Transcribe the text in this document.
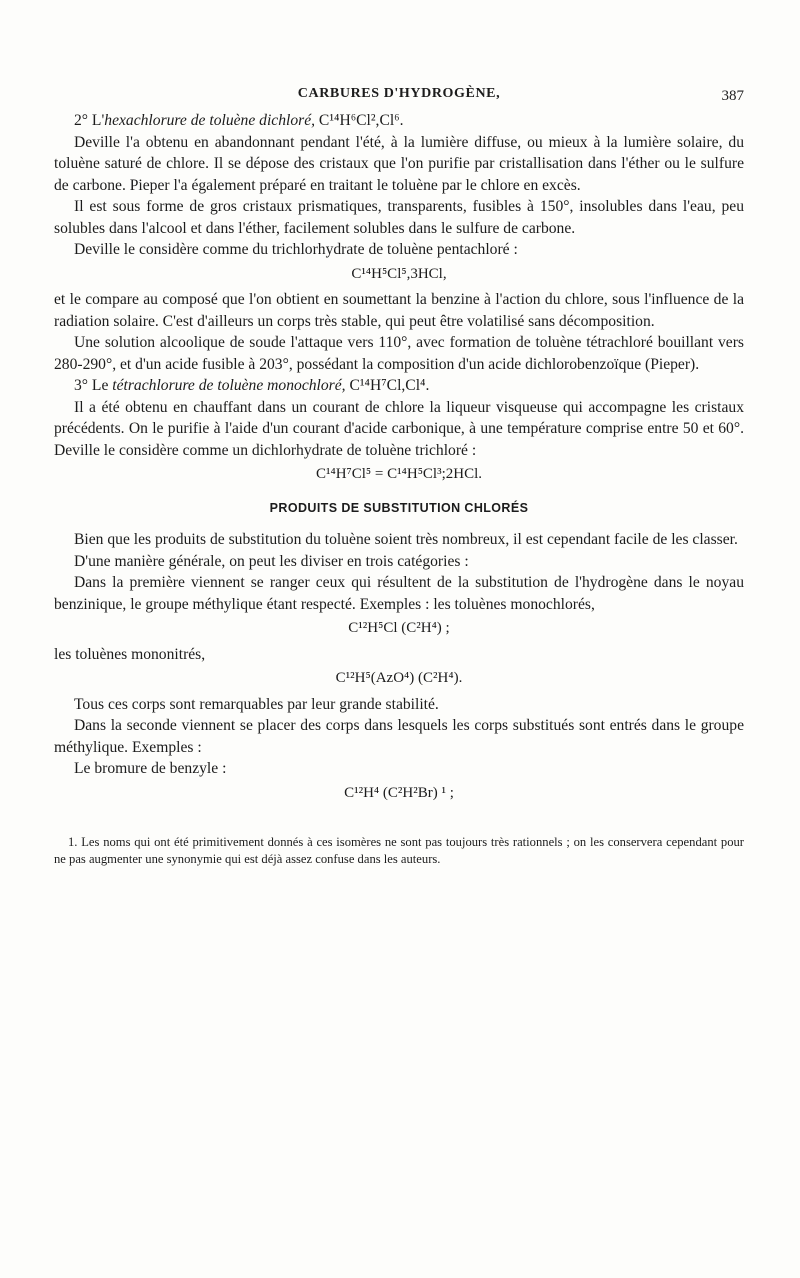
CARBURES D'HYDROGÈNE,	387

2° L'hexachlorure de toluène dichloré, C¹⁴H⁶Cl²,Cl⁶.

Deville l'a obtenu en abandonnant pendant l'été, à la lumière diffuse, ou mieux à la lumière solaire, du toluène saturé de chlore. Il se dépose des cristaux que l'on purifie par cristallisation dans l'éther ou le sulfure de carbone. Pieper l'a également préparé en traitant le toluène par le chlore en excès.

Il est sous forme de gros cristaux prismatiques, transparents, fusibles à 150°, insolubles dans l'eau, peu solubles dans l'alcool et dans l'éther, facilement solubles dans le sulfure de carbone.

Deville le considère comme du trichlorhydrate de toluène pentachloré :

C¹⁴H⁵Cl⁵,3HCl,

et le compare au composé que l'on obtient en soumettant la benzine à l'action du chlore, sous l'influence de la radiation solaire. C'est d'ailleurs un corps très stable, qui peut être volatilisé sans décomposition.

Une solution alcoolique de soude l'attaque vers 110°, avec formation de toluène tétrachloré bouillant vers 280-290°, et d'un acide fusible à 203°, possédant la composition d'un acide dichlorobenzoïque (Pieper).

3° Le tétrachlorure de toluène monochloré, C¹⁴H⁷Cl,Cl⁴.

Il a été obtenu en chauffant dans un courant de chlore la liqueur visqueuse qui accompagne les cristaux précédents. On le purifie à l'aide d'un courant d'acide carbonique, à une température comprise entre 50 et 60°. Deville le considère comme un dichlorhydrate de toluène trichloré :

C¹⁴H⁷Cl⁵ = C¹⁴H⁵Cl³;2HCl.
PRODUITS DE SUBSTITUTION CHLORÉS

Bien que les produits de substitution du toluène soient très nombreux, il est cependant facile de les classer.

D'une manière générale, on peut les diviser en trois catégories :

Dans la première viennent se ranger ceux qui résultent de la substitution de l'hydrogène dans le noyau benzinique, le groupe méthylique étant respecté. Exemples : les toluènes monochlorés,

C¹²H⁵Cl (C²H⁴) ;

les toluènes mononitrés,

C¹²H⁵(AzO⁴) (C²H⁴).

Tous ces corps sont remarquables par leur grande stabilité.

Dans la seconde viennent se placer des corps dans lesquels les corps substitués sont entrés dans le groupe méthylique. Exemples :

Le bromure de benzyle :

C¹²H⁴ (C²H²Br) ¹ ;

1. Les noms qui ont été primitivement donnés à ces isomères ne sont pas toujours très rationnels ; on les conservera cependant pour ne pas augmenter une synonymie qui est déjà assez confuse dans les auteurs.
